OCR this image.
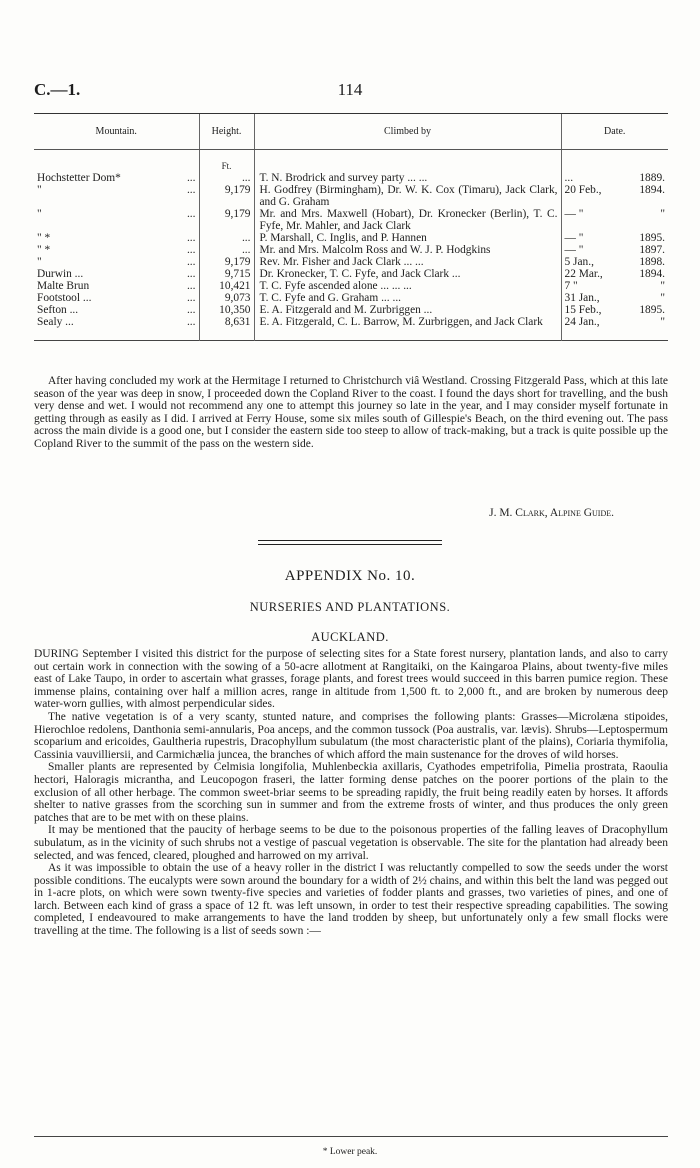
C.—1.	114
Mountain.	Height.	Climbed by	Date.
	Ft.		
Hochstetter Dom* ...	...	T. N. Brodrick and survey party ... ...	... 1889.

" ...	9,179	H. Godfrey (Birmingham), Dr. W. K. Cox (Timaru), Jack Clark, and G. Graham	20 Feb., 1894.

" ...	9,179	Mr. and Mrs. Maxwell (Hobart), Dr. Kronecker (Berlin), T. C. Fyfe, Mr. Mahler, and Jack Clark	— " "

" * ...	...	P. Marshall, C. Inglis, and P. Hannen	— " 1895.

" * ...	...	Mr. and Mrs. Malcolm Ross and W. J. P. Hodgkins	— " 1897.

" ...	9,179	Rev. Mr. Fisher and Jack Clark ... ...	5 Jan., 1898.

Durwin ... ...	9,715	Dr. Kronecker, T. C. Fyfe, and Jack Clark ...	22 Mar., 1894.

Malte Brun ...	10,421	T. C. Fyfe ascended alone ... ... ...	7 " "

Footstool ... ...	9,073	T. C. Fyfe and G. Graham ... ...	31 Jan., "

Sefton ... ...	10,350	E. A. Fitzgerald and M. Zurbriggen ...	15 Feb., 1895.

Sealy ... ...	8,631	E. A. Fitzgerald, C. L. Barrow, M. Zurbriggen, and Jack Clark	24 Jan., "

After having concluded my work at the Hermitage I returned to Christchurch viâ Westland. Crossing Fitzgerald Pass, which at this late season of the year was deep in snow, I proceeded down the Copland River to the coast. I found the days short for travelling, and the bush very dense and wet. I would not recommend any one to attempt this journey so late in the year, and I may consider myself fortunate in getting through as easily as I did. I arrived at Ferry House, some six miles south of Gillespie's Beach, on the third evening out. The pass across the main divide is a good one, but I consider the eastern side too steep to allow of track-making, but a track is quite possible up the Copland River to the summit of the pass on the western side.

J. M. Clark, Alpine Guide.
APPENDIX No. 10.
NURSERIES AND PLANTATIONS.
AUCKLAND.

DURING September I visited this district for the purpose of selecting sites for a State forest nursery, plantation lands, and also to carry out certain work in connection with the sowing of a 50-acre allotment at Rangitaiki, on the Kaingaroa Plains, about twenty-five miles east of Lake Taupo, in order to ascertain what grasses, forage plants, and forest trees would succeed in this barren pumice region. These immense plains, containing over half a million acres, range in altitude from 1,500 ft. to 2,000 ft., and are broken by numerous deep water-worn gullies, with almost perpendicular sides.

The native vegetation is of a very scanty, stunted nature, and comprises the following plants: Grasses—Microlæna stipoides, Hierochloe redolens, Danthonia semi-annularis, Poa anceps, and the common tussock (Poa australis, var. lævis). Shrubs—Leptospermum scoparium and ericoides, Gaultheria rupestris, Dracophyllum subulatum (the most characteristic plant of the plains), Coriaria thymifolia, Cassinia vauvilliersii, and Carmichælia juncea, the branches of which afford the main sustenance for the droves of wild horses.

Smaller plants are represented by Celmisia longifolia, Muhlenbeckia axillaris, Cyathodes empetrifolia, Pimelia prostrata, Raoulia hectori, Haloragis micrantha, and Leucopogon fraseri, the latter forming dense patches on the poorer portions of the plain to the exclusion of all other herbage. The common sweet-briar seems to be spreading rapidly, the fruit being readily eaten by horses. It affords shelter to native grasses from the scorching sun in summer and from the extreme frosts of winter, and thus produces the only green patches that are to be met with on these plains.

It may be mentioned that the paucity of herbage seems to be due to the poisonous properties of the falling leaves of Dracophyllum subulatum, as in the vicinity of such shrubs not a vestige of pascual vegetation is observable. The site for the plantation had already been selected, and was fenced, cleared, ploughed and harrowed on my arrival.

As it was impossible to obtain the use of a heavy roller in the district I was reluctantly compelled to sow the seeds under the worst possible conditions. The eucalypts were sown around the boundary for a width of 2½ chains, and within this belt the land was pegged out in 1-acre plots, on which were sown twenty-five species and varieties of fodder plants and grasses, two varieties of pines, and one of larch. Between each kind of grass a space of 12 ft. was left unsown, in order to test their respective spreading capabilities. The sowing completed, I endeavoured to make arrangements to have the land trodden by sheep, but unfortunately only a few small flocks were travelling at the time. The following is a list of seeds sown :—

* Lower peak.
